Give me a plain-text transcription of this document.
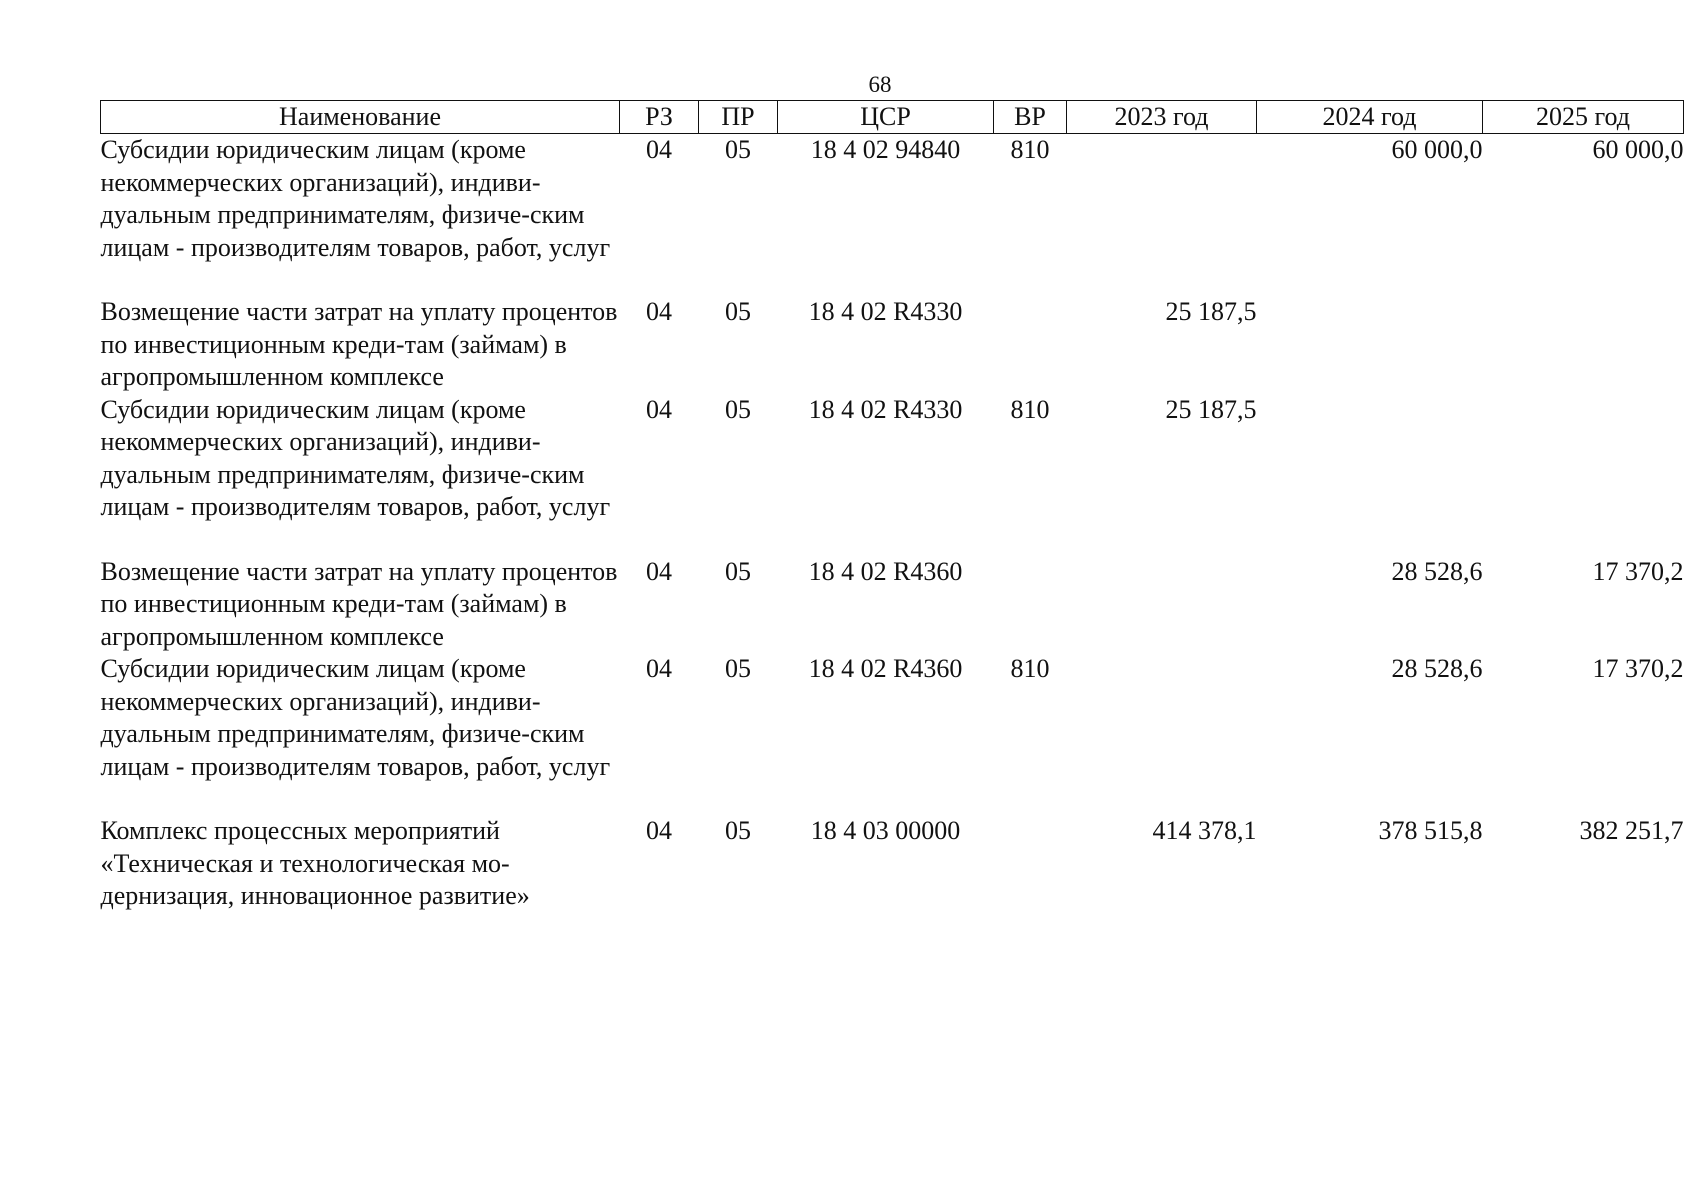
68
Наименование	РЗ	ПР	ЦСР	ВР	2023 год	2024 год	2025 год
Субсидии юридическим лицам (кроме некоммерческих организаций), индиви-дуальным предпринимателям, физиче-ским лицам - производителям товаров, работ, услуг	04	05	18 4 02 94840	810		60 000,0	60 000,0
Возмещение части затрат на уплату процентов по инвестиционным креди-там (займам) в агропромышленном комплексе	04	05	18 4 02 R4330		25 187,5		
Субсидии юридическим лицам (кроме некоммерческих организаций), индиви-дуальным предпринимателям, физиче-ским лицам - производителям товаров, работ, услуг	04	05	18 4 02 R4330	810	25 187,5		
Возмещение части затрат на уплату процентов по инвестиционным креди-там (займам) в агропромышленном комплексе	04	05	18 4 02 R4360			28 528,6	17 370,2
Субсидии юридическим лицам (кроме некоммерческих организаций), индиви-дуальным предпринимателям, физиче-ским лицам - производителям товаров, работ, услуг	04	05	18 4 02 R4360	810		28 528,6	17 370,2
Комплекс процессных мероприятий «Техническая и технологическая мо-дернизация, инновационное развитие»	04	05	18 4 03 00000		414 378,1	378 515,8	382 251,7
